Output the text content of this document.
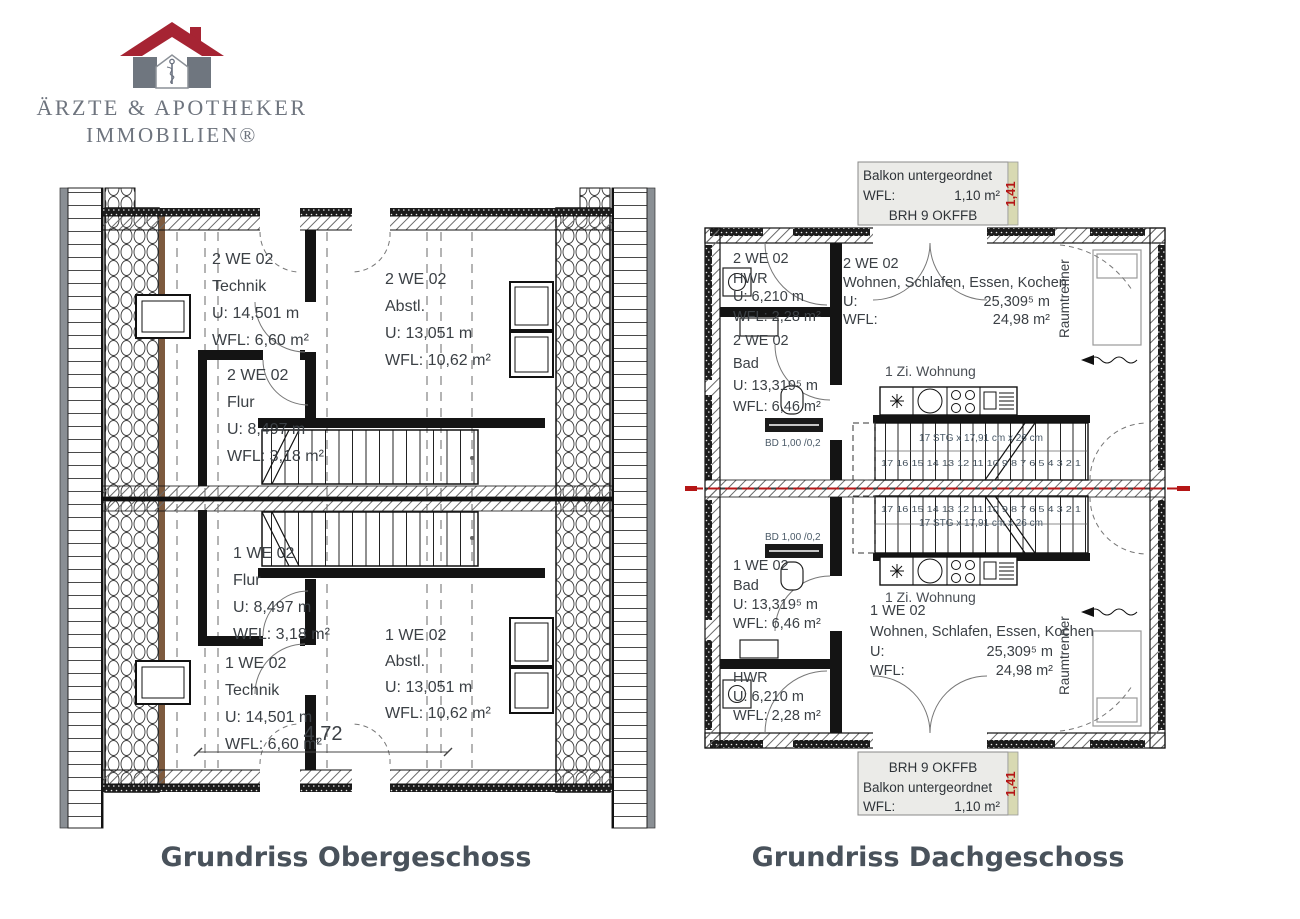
ÄRZTE & APOTHEKER
IMMOBILIEN®
2 WE 02
Technik
U: 14,501 m
WFL: 6,60 m²
2 WE 02
Abstl.
U: 13,051 m
WFL: 10,62 m²
2 WE 02
Flur
U: 8,497 m
WFL: 3,18 m²
1 WE 02
Flur
U: 8,497 m
WFL: 3,18 m²
1 WE 02
Technik
U: 14,501 m
WFL: 6,60 m²
1 WE 02
Abstl.
U: 13,051 m
WFL: 10,62 m²
4,72
Balkon untergeordnet
WFL:	1,10 m²
BRH 9 OKFFB
1,41
BRH 9 OKFFB
Balkon untergeordnet
WFL:	1,10 m²
1,41
17 STG x 17,91 cm x 26 cm
17 16 15 14 13 12 11 10 9 8 7 6 5 4 3 2 1
17 16 15 14 13 12 11 10 9 8 7 6 5 4 3 2 1
17 STG x 17,91 cm x 26 cm
BD 1,00 /0,2
BD 1,00 /0,2
Raumtrenner
Raumtrenner
2 WE 02
HWR
U: 6,210 m
WFL: 2,28 m²
2 WE 02
Bad
U: 13,319⁵ m
WFL: 6,46 m²
2 WE 02
Wohnen, Schlafen, Essen, Kochen
U:	25,309⁵ m
WFL:	24,98 m²
1 Zi. Wohnung
1 WE 02
Bad
U: 13,319⁵ m
WFL: 6,46 m²
1 Zi. Wohnung
1 WE 02
Wohnen, Schlafen, Essen, Kochen
U:	25,309⁵ m
WFL:	24,98 m²
HWR
U: 6,210 m
WFL: 2,28 m²
Grundriss Obergeschoss	Grundriss Dachgeschoss
